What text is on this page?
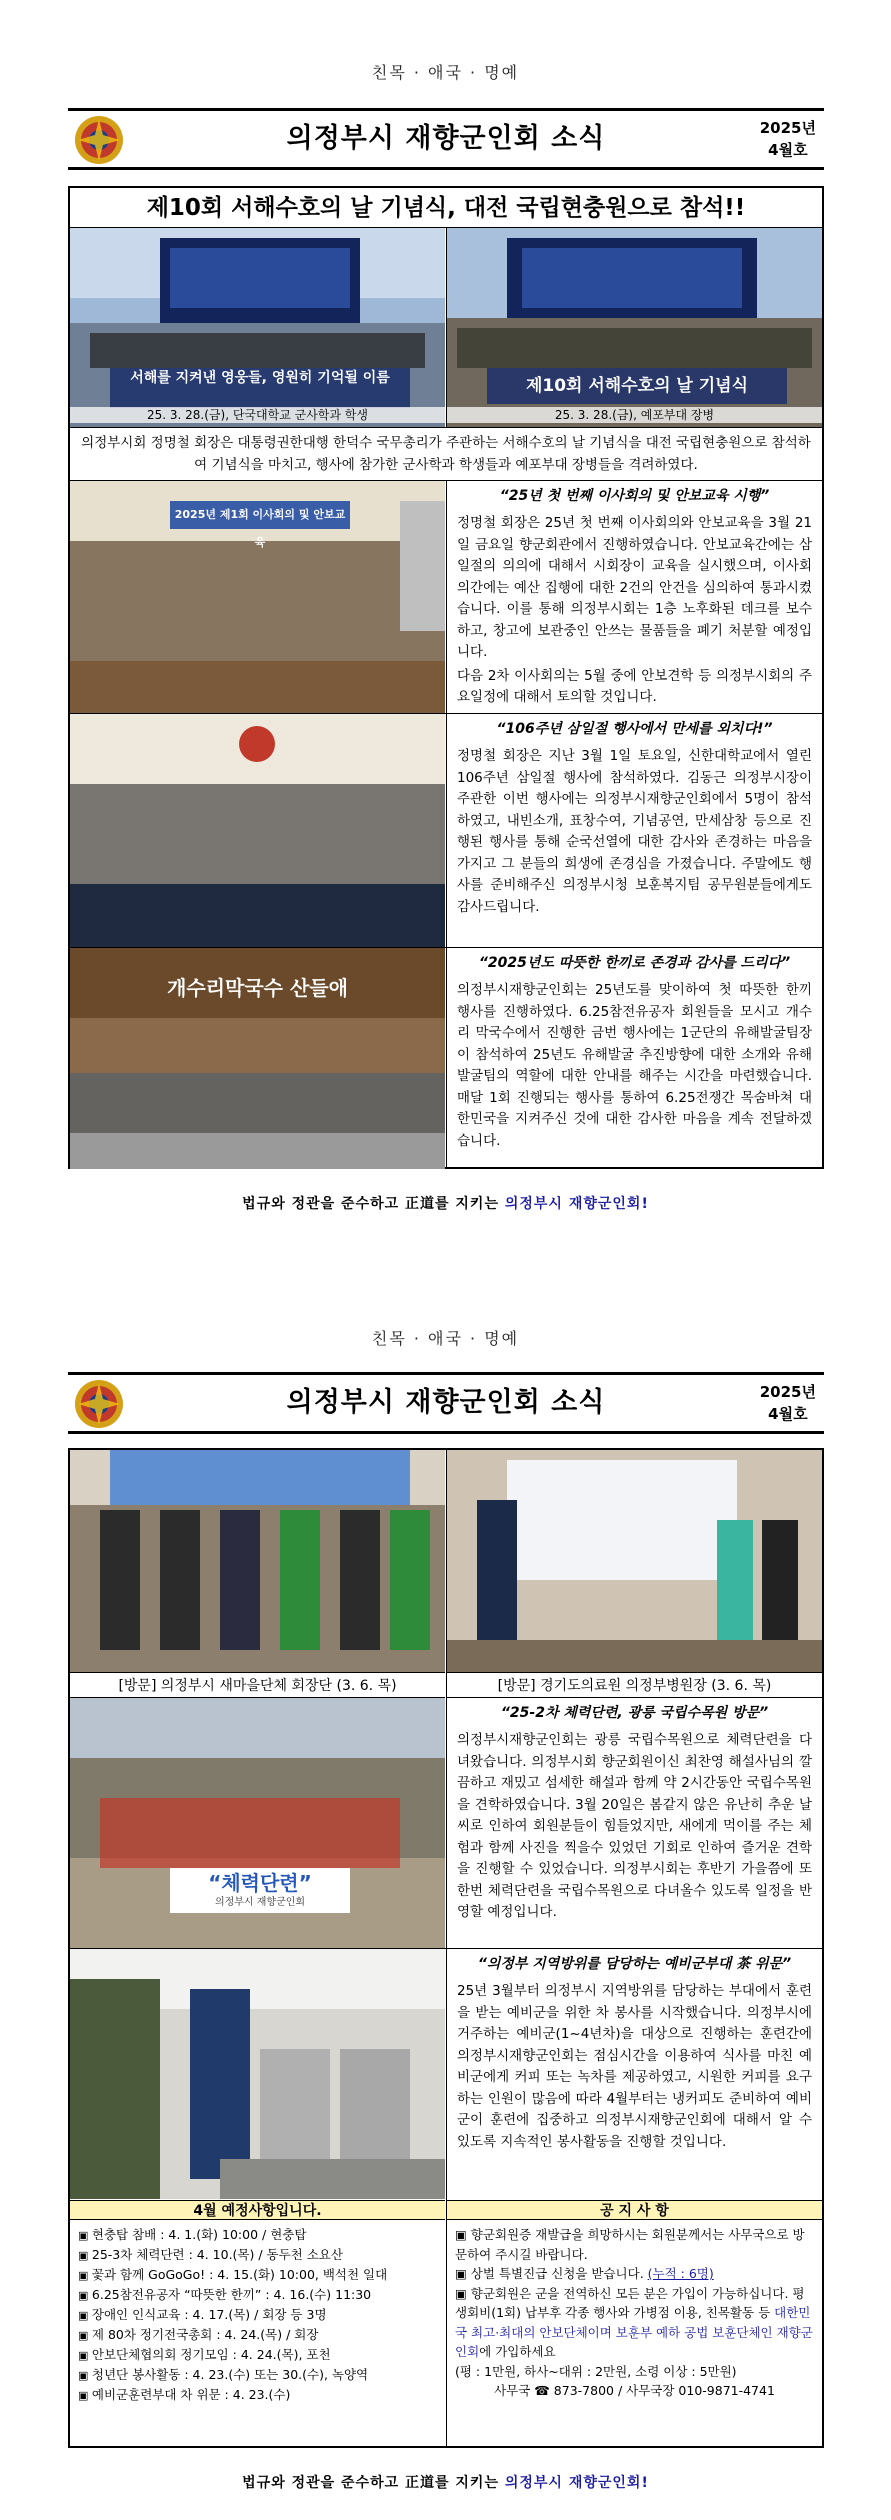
친목 · 애국 · 명예
의정부시 재향군인회 소식	2025년
4월호
제10회 서해수호의 날 기념식, 대전 국립현충원으로 참석!!
서해를 지켜낸 영웅들, 영원히 기억될 이름
25. 3. 28.(금), 단국대학교 군사학과 학생
제10회 서해수호의 날 기념식
25. 3. 28.(금), 예포부대 장병
의정부시회 정명철 회장은 대통령권한대행 한덕수 국무총리가 주관하는 서해수호의 날 기념식을 대전 국립현충원으로 참석하여 기념식을 마치고, 행사에 참가한 군사학과 학생들과 예포부대 장병들을 격려하였다.
2025년 제1회 이사회의 및 안보교육
“25년 첫 번째 이사회의 및 안보교육 시행”
정명철 회장은 25년 첫 번째 이사회의와 안보교육을 3월 21일 금요일 향군회관에서 진행하였습니다. 안보교육간에는 삼일절의 의의에 대해서 시회장이 교육을 실시했으며, 이사회의간에는 예산 집행에 대한 2건의 안건을 심의하여 통과시켰습니다. 이를 통해 의정부시회는 1층 노후화된 데크를 보수하고, 창고에 보관중인 안쓰는 물품들을 폐기 처분할 예정입니다.
다음 2차 이사회의는 5월 중에 안보견학 등 의정부시회의 주요일정에 대해서 토의할 것입니다.
“106주년 삼일절 행사에서 만세를 외치다!”
정명철 회장은 지난 3월 1일 토요일, 신한대학교에서 열린 106주년 삼일절 행사에 참석하였다. 김동근 의정부시장이 주관한 이번 행사에는 의정부시재향군인회에서 5명이 참석하였고, 내빈소개, 표창수여, 기념공연, 만세삼창 등으로 진행된 행사를 통해 순국선열에 대한 감사와 존경하는 마음을 가지고 그 분들의 희생에 존경심을 가졌습니다. 주말에도 행사를 준비해주신 의정부시청 보훈복지팀 공무원분들에게도 감사드립니다.
개수리막국수 산들애
“2025년도 따뜻한 한끼로 존경과 감사를 드리다”
의정부시재향군인회는 25년도를 맞이하여 첫 따뜻한 한끼 행사를 진행하였다. 6.25참전유공자 회원들을 모시고 개수리 막국수에서 진행한 금번 행사에는 1군단의 유해발굴팀장이 참석하여 25년도 유해발굴 추진방향에 대한 소개와 유해발굴팀의 역할에 대한 안내를 해주는 시간을 마련했습니다. 매달 1회 진행되는 행사를 통하여 6.25전쟁간 목숨바쳐 대한민국을 지켜주신 것에 대한 감사한 마음을 계속 전달하겠습니다.
법규와 정관을 준수하고 正道를 지키는 의정부시 재향군인회!
친목 · 애국 · 명예
의정부시 재향군인회 소식	2025년
4월호
[방문] 의정부시 새마을단체 회장단 (3. 6. 목)	[방문] 경기도의료원 의정부병원장 (3. 6. 목)
“체력단련”
의정부시 재향군인회
“25-2차 체력단련, 광릉 국립수목원 방문”
의정부시재향군인회는 광릉 국립수목원으로 체력단련을 다녀왔습니다. 의정부시회 향군회원이신 최찬영 해설사님의 깔끔하고 재밌고 섬세한 해설과 함께 약 2시간동안 국립수목원을 견학하였습니다. 3월 20일은 봄같지 않은 유난히 추운 날씨로 인하여 회원분들이 힘들었지만, 새에게 먹이를 주는 체험과 함께 사진을 찍을수 있었던 기회로 인하여 즐거운 견학을 진행할 수 있었습니다. 의정부시회는 후반기 가을쯤에 또 한번 체력단련을 국립수목원으로 다녀올수 있도록 일정을 반영할 예정입니다.
“의정부 지역방위를 담당하는 예비군부대 茶 위문”
25년 3월부터 의정부시 지역방위를 담당하는 부대에서 훈련을 받는 예비군을 위한 차 봉사를 시작했습니다. 의정부시에 거주하는 예비군(1~4년차)을 대상으로 진행하는 훈련간에 의정부시재향군인회는 점심시간을 이용하여 식사를 마친 예비군에게 커피 또는 녹차를 제공하였고, 시원한 커피를 요구하는 인원이 많음에 따라 4월부터는 냉커피도 준비하여 예비군이 훈련에 집중하고 의정부시재향군인회에 대해서 알 수 있도록 지속적인 봉사활동을 진행할 것입니다.
4월 예정사항입니다.	공 지 사 항
▣ 현충탑 참배 : 4. 1.(화) 10:00 / 현충탑
▣ 25-3차 체력단련 : 4. 10.(목) / 동두천 소요산
▣ 꽃과 함께 GoGoGo! : 4. 15.(화) 10:00, 백석천 일대
▣ 6.25참전유공자 “따뜻한 한끼” : 4. 16.(수) 11:30
▣ 장애인 인식교육 : 4. 17.(목) / 회장 등 3명
▣ 제 80차 정기전국총회 : 4. 24.(목) / 회장
▣ 안보단체협의회 정기모임 : 4. 24.(목), 포천
▣ 청년단 봉사활동 : 4. 23.(수) 또는 30.(수), 녹양역
▣ 예비군훈련부대 차 위문 : 4. 23.(수)
▣ 향군회원증 재발급을 희망하시는 회원분께서는 사무국으로 방문하여 주시길 바랍니다.
▣ 상벌 특별진급 신청을 받습니다. (누적 : 6명)
▣ 향군회원은 군을 전역하신 모든 분은 가입이 가능하십니다. 평생회비(1회) 납부후 각종 행사와 가병점 이용, 친목활동 등 대한민국 최고·최대의 안보단체이며 보훈부 예하 공법 보훈단체인 재향군인회에 가입하세요
(평 : 1만원, 하사~대위 : 2만원, 소령 이상 : 5만원)
사무국 ☎ 873-7800 / 사무국장 010-9871-4741
법규와 정관을 준수하고 正道를 지키는 의정부시 재향군인회!
